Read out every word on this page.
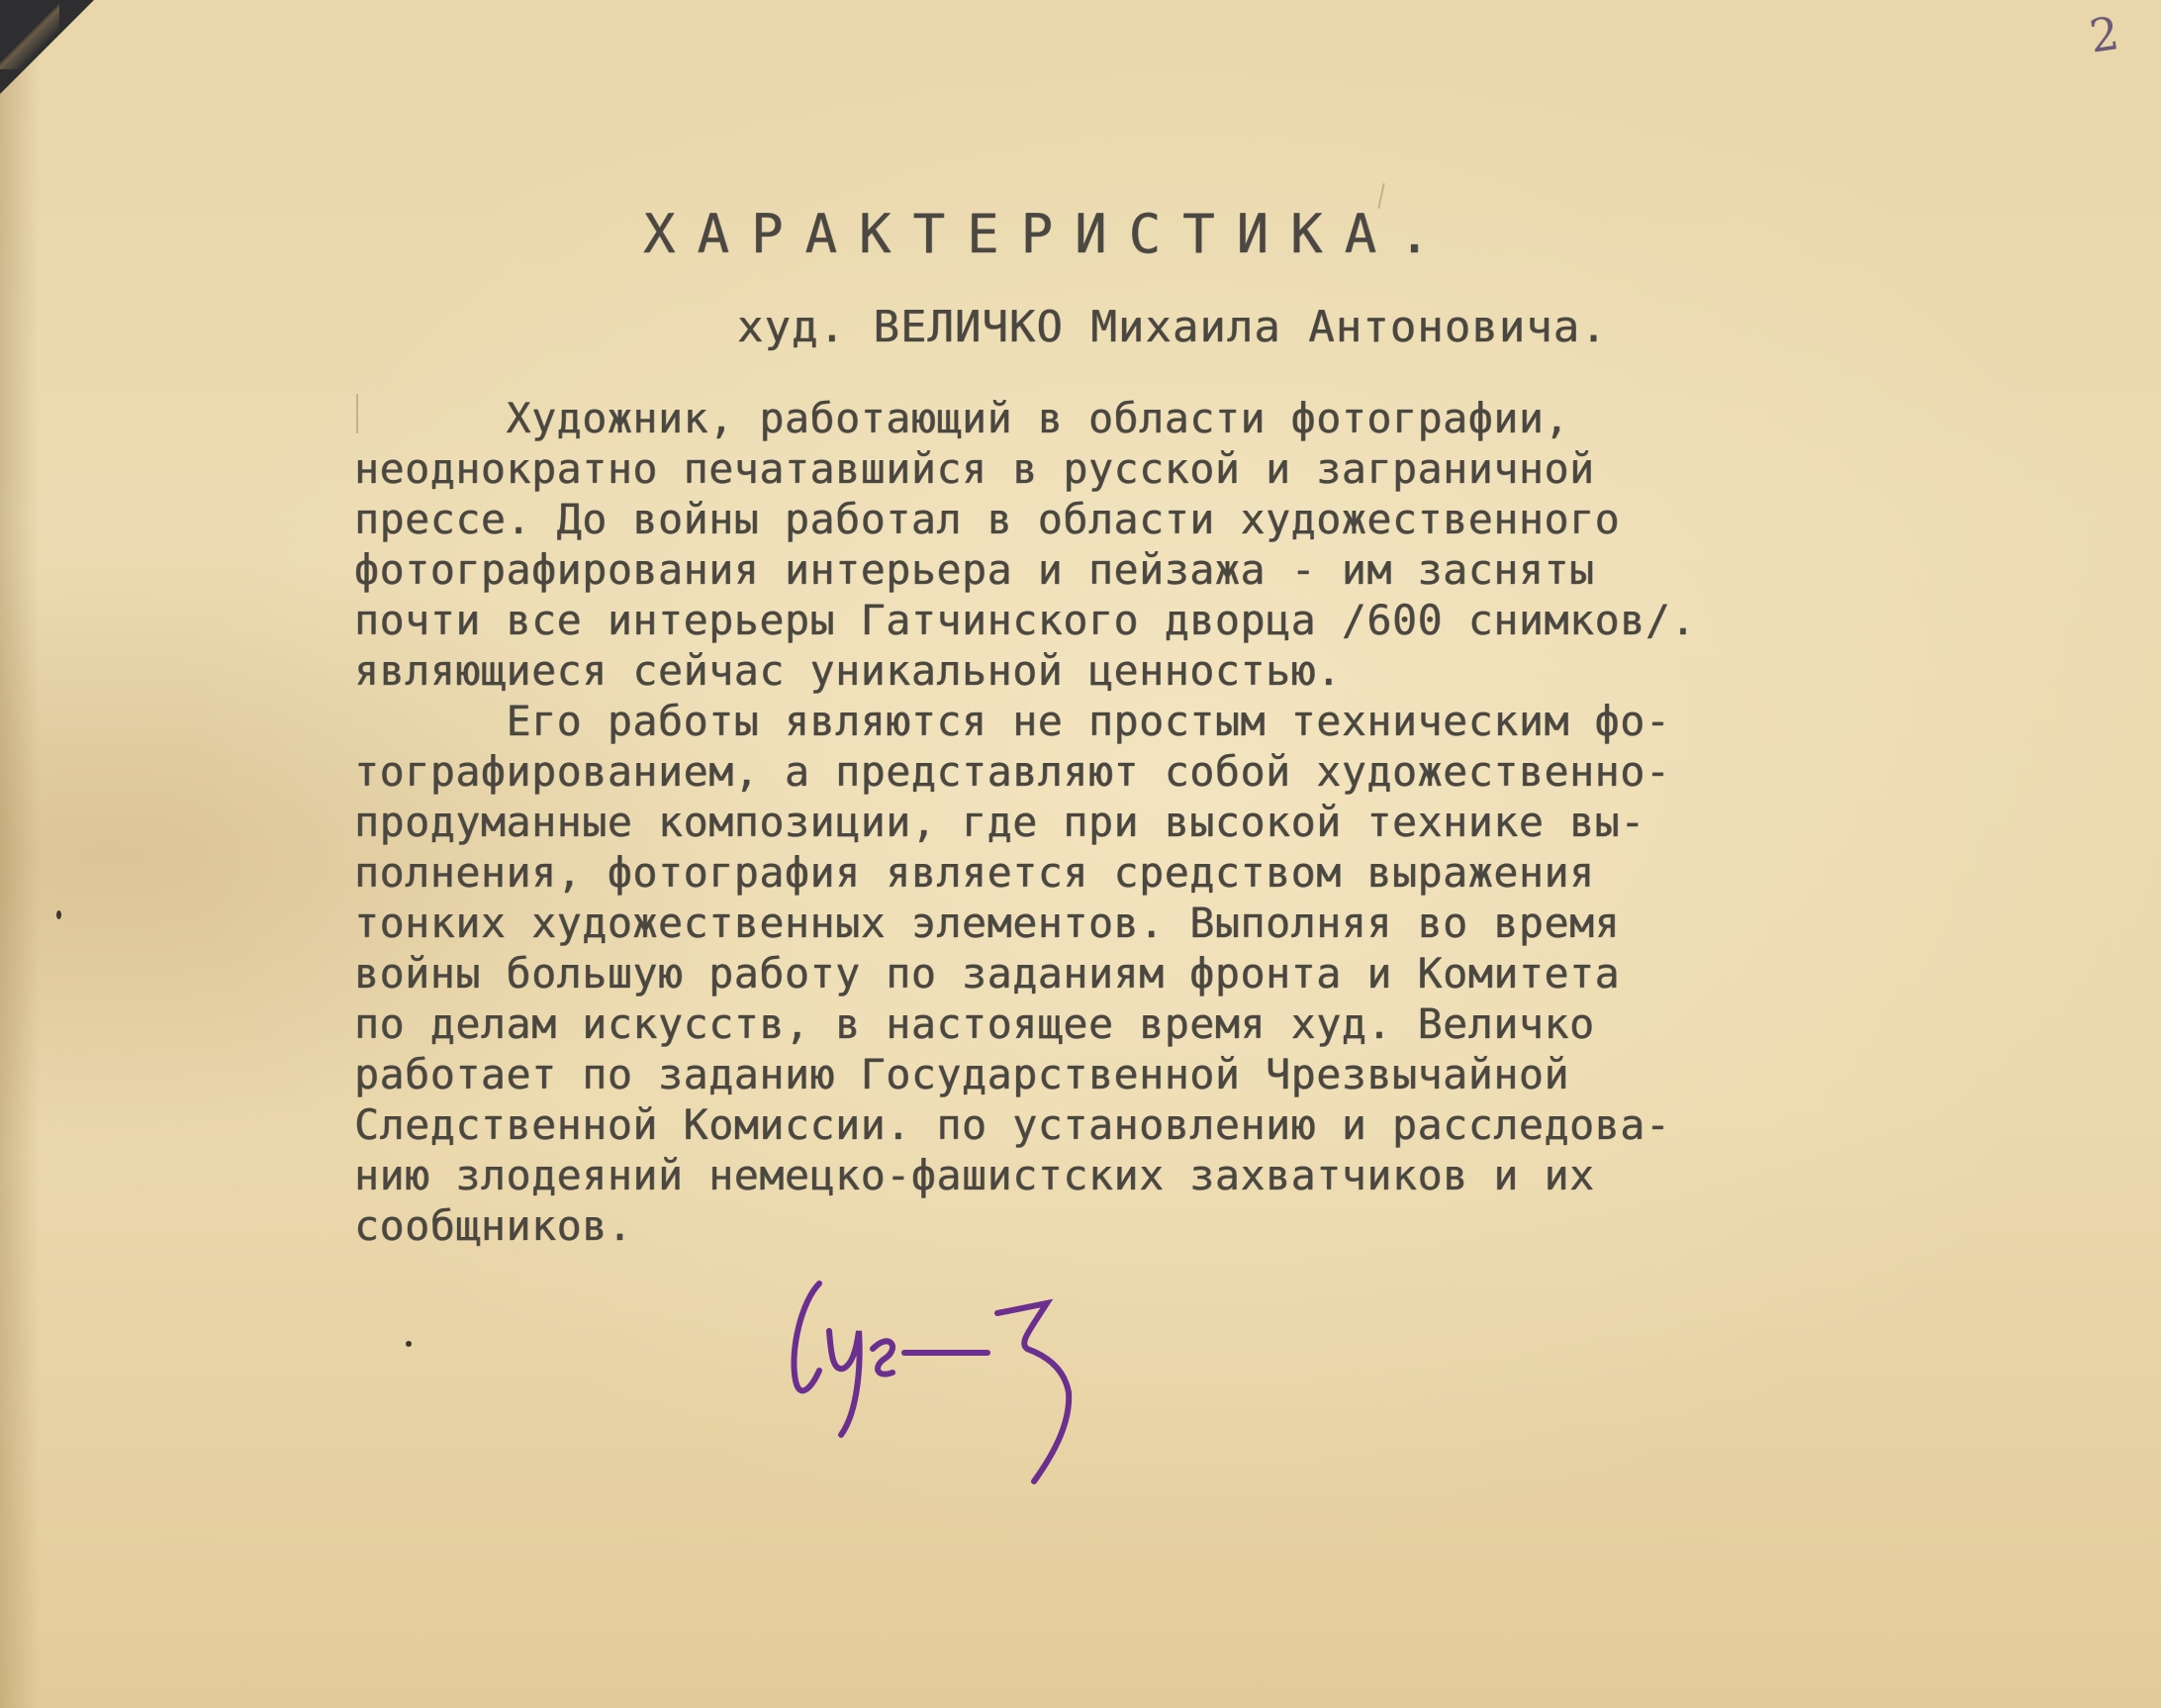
2
ХАРАКТЕРИСТИКА.
худ. ВЕЛИЧКО Михаила Антоновича.
Художник, работающий в области фотографии,
неоднократно печатавшийся в русской и заграничной
прессе. До войны работал в области художественного
фотографирования интерьера и пейзажа - им засняты
почти все интерьеры Гатчинского дворца /600 снимков/.
являющиеся сейчас уникальной ценностью.
Его работы являются не простым техническим фо-
тографированием, а представляют собой художественно-
продуманные композиции, где при высокой технике вы-
полнения, фотография является средством выражения
тонких художественных элементов. Выполняя во время
войны большую работу по заданиям фронта и Комитета
по делам искусств, в настоящее время худ. Величко
работает по заданию Государственной Чрезвычайной
Следственной Комиссии. по установлению и расследова-
нию злодеяний немецко-фашистских захватчиков и их
сообщников.
